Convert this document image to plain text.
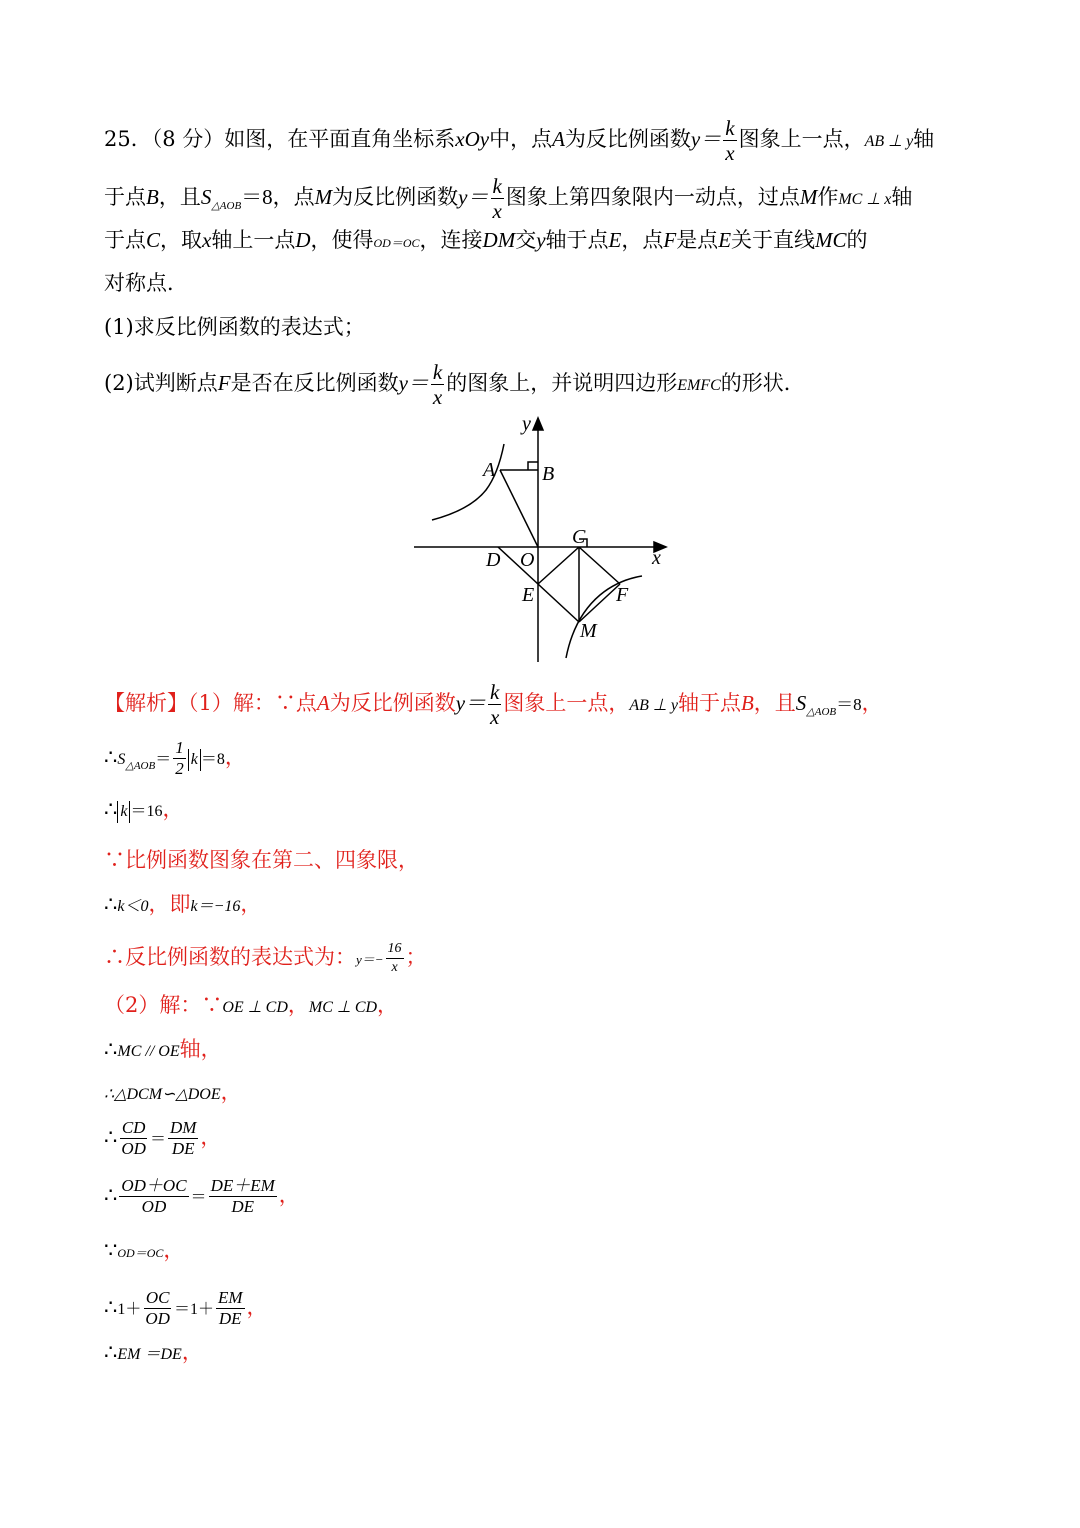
25．（8 分）如图，在平面直角坐标系xOy中，点A为反比例函数$y= \frac{k}{x}$ 图象上一点，AB ⊥ y轴
于点B，且$S_{\triangle AOB}=8$，点M为反比例函数$y= \frac{k}{x}$ 图象上第四象限内一动点，过点M作MC ⊥ x轴
于点C，取x轴上一点D，使得OD＝OC，连接DM交y轴于点E，点F是点E关于直线MC的
对称点．
(1)求反比例函数的表达式；
(2)试判断点F是否在反比例函数$y= \frac{k}{x}$ 的图象上，并说明四边形EMFC的形状．
y
x
A B
C
D O
E	F
M
【解析】（1）解：∵点A为反比例函数$y= \frac{k}{x}$ 图象上一点，AB ⊥ y轴于点B，且$S_{\triangle AOB}=8$，
$\therefore S_{\triangle AOB}= \frac{1}{2}$ k ＝8，
∴ k ＝16，
∵比例函数图象在第二、四象限，
∴k＜0，即k＝−16，
∴反比例函数的表达式为：$y=- \frac{16}{x}$ ；
（2）解：∵OE ⊥ CD，MC ⊥ CD，
∴MC // OE轴，
∴△DCM∽△DOE，
∴ $\frac{CD}{OD} = \frac{DM}{DE}$ ，
∴ $\frac{OD+OC}{OD} = \frac{DE+EM}{DE}$ ，
∵OD＝OC，
∴1＋ $\frac{OC}{OD} =1+ \frac{EM}{DE}$ ，
∴EM ＝DE，
